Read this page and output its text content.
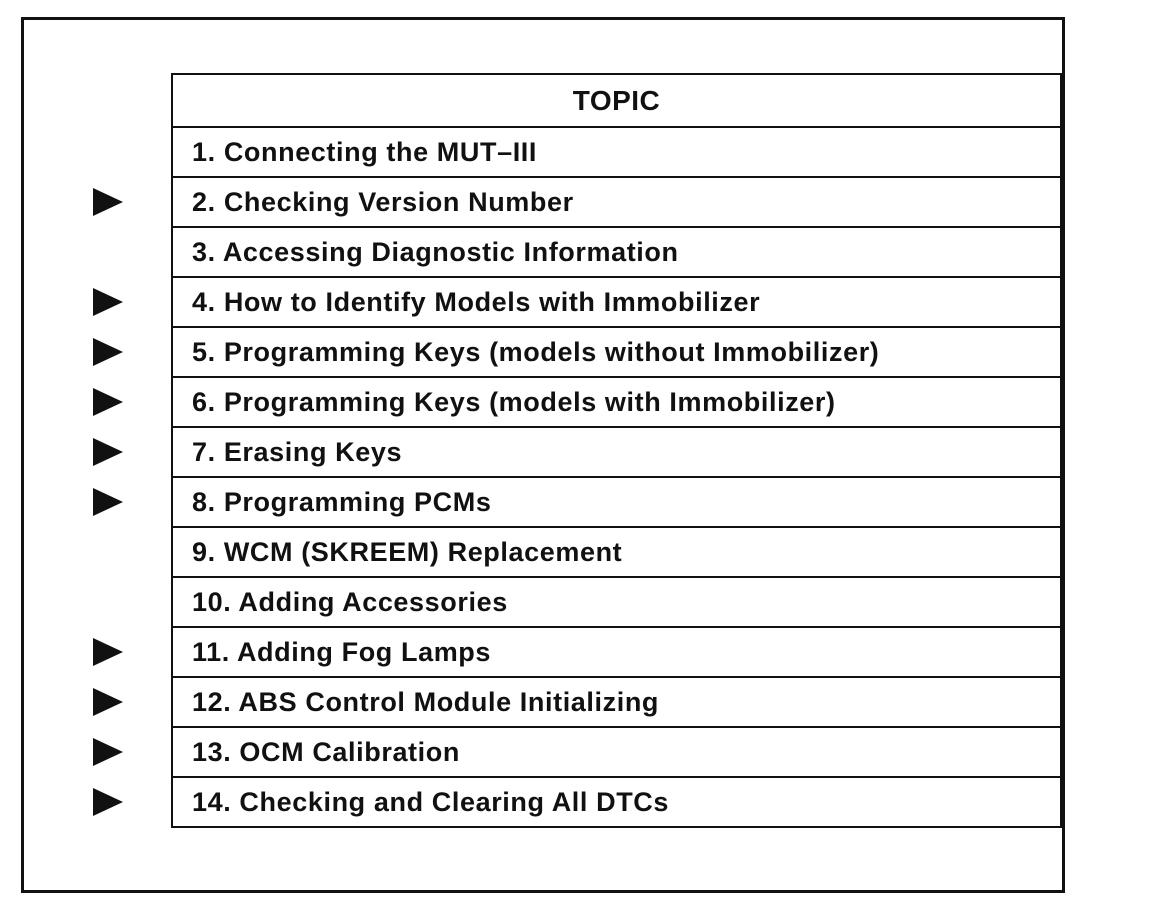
TOPIC
1. Connecting the MUT–III
2. Checking Version Number
3. Accessing Diagnostic Information
4. How to Identify Models with Immobilizer
5. Programming Keys (models without Immobilizer)
6. Programming Keys (models with Immobilizer)
7. Erasing Keys
8. Programming PCMs
9. WCM (SKREEM) Replacement
10. Adding Accessories
11. Adding Fog Lamps
12. ABS Control Module Initializing
13. OCM Calibration
14. Checking and Clearing All DTCs
